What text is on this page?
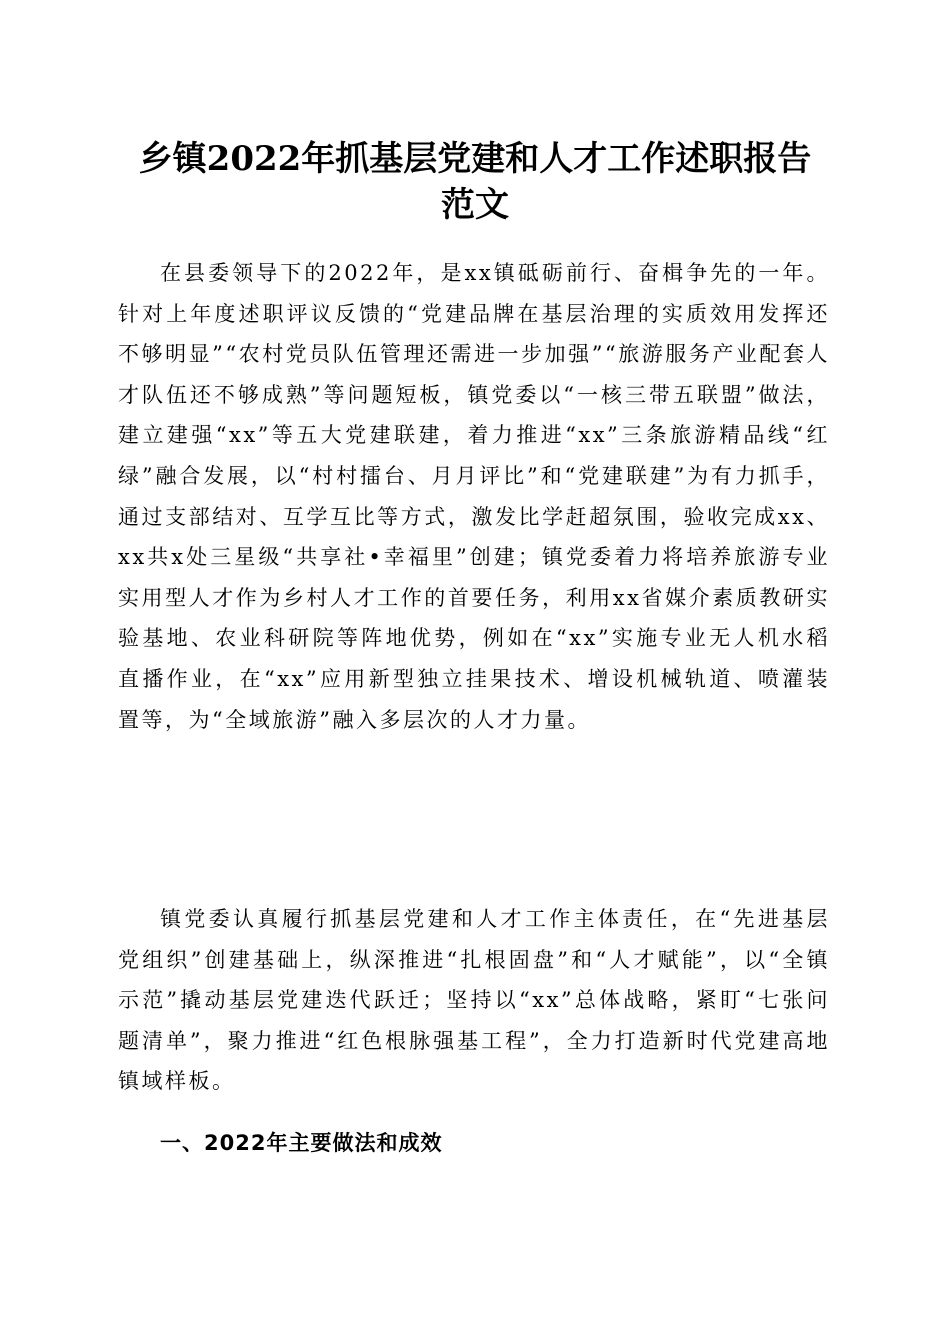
乡镇2022年抓基层党建和人才工作述职报告
范文

在县委领导下的2022年，是xx镇砥砺前行、奋楫争先的一年。针对上年度述职评议反馈的“党建品牌在基层治理的实质效用发挥还不够明显”“农村党员队伍管理还需进一步加强”“旅游服务产业配套人才队伍还不够成熟”等问题短板，镇党委以“一核三带五联盟”做法，建立建强“xx”等五大党建联建，着力推进“xx”三条旅游精品线“红绿”融合发展，以“村村擂台、月月评比”和“党建联建”为有力抓手，通过支部结对、互学互比等方式，激发比学赶超氛围，验收完成xx、xx共x处三星级“共享社•幸福里”创建；镇党委着力将培养旅游专业实用型人才作为乡村人才工作的首要任务，利用xx省媒介素质教研实验基地、农业科研院等阵地优势，例如在“xx”实施专业无人机水稻直播作业，在“xx”应用新型独立挂果技术、增设机械轨道、喷灌装置等，为“全域旅游”融入多层次的人才力量。

镇党委认真履行抓基层党建和人才工作主体责任，在“先进基层党组织”创建基础上，纵深推进“扎根固盘”和“人才赋能”，以“全镇示范”撬动基层党建迭代跃迁；坚持以“xx”总体战略，紧盯“七张问题清单”，聚力推进“红色根脉强基工程”，全力打造新时代党建高地镇域样板。

一、2022年主要做法和成效
